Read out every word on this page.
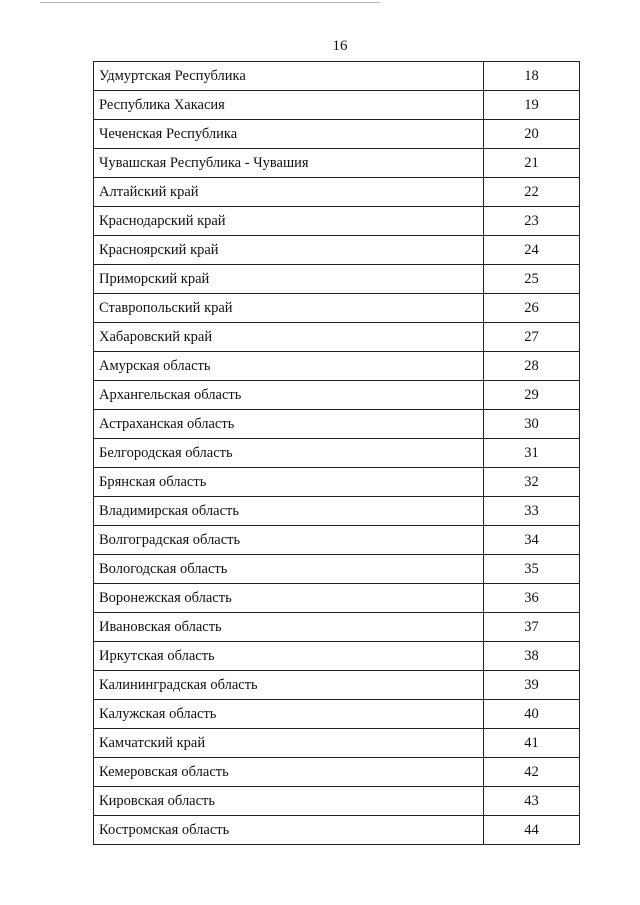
16
Удмуртская Республика	18
Республика Хакасия	19
Чеченская Республика	20
Чувашская Республика - Чувашия	21
Алтайский край	22
Краснодарский край	23
Красноярский край	24
Приморский край	25
Ставропольский край	26
Хабаровский край	27
Амурская область	28
Архангельская область	29
Астраханская область	30
Белгородская область	31
Брянская область	32
Владимирская область	33
Волгоградская область	34
Вологодская область	35
Воронежская область	36
Ивановская область	37
Иркутская область	38
Калининградская область	39
Калужская область	40
Камчатский край	41
Кемеровская область	42
Кировская область	43
Костромская область	44
